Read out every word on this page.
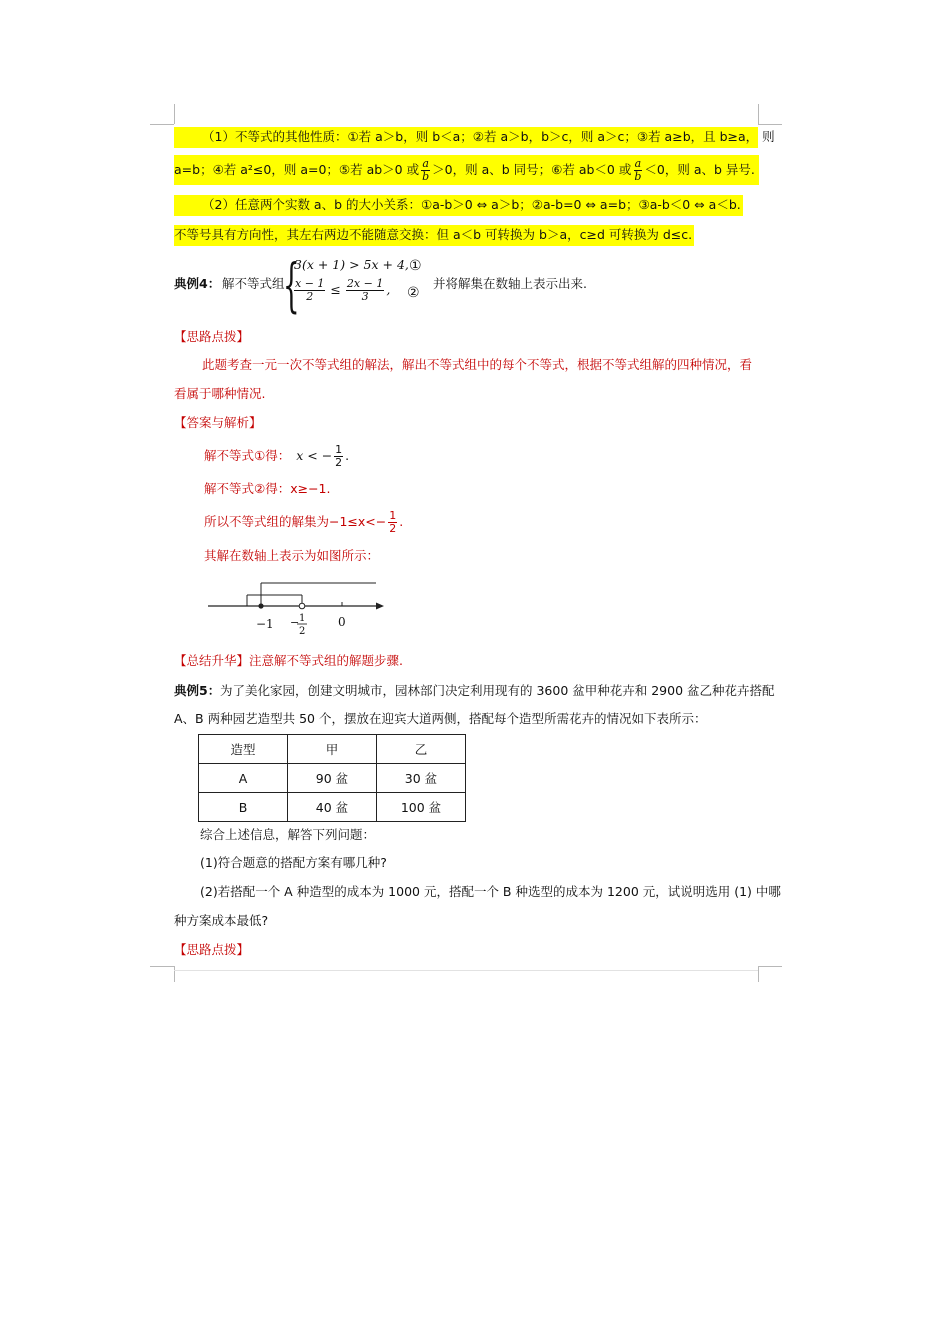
（1）不等式的其他性质：①若 a＞b，则 b＜a；②若 a＞b，b＞c，则 a＞c；③若 a≥b，且 b≥a， 则
a=b；④若 a²≤0，则 a=0；⑤若 ab＞0 或 $\frac{a}{b} >0$，则 a、b 同号；⑥若 ab＜0 或 $\frac{a}{b} <0$，则 a、b 异号.
（2）任意两个实数 a、b 的大小关系：①a-b＞0 ⇔ a＞b；②a-b=0 ⇔ a=b；③a-b＜0 ⇔ a＜b.
不等号具有方向性，其左右两边不能随意交换：但 a＜b 可转换为 b＞a，c≥d 可转换为 d≤c.
典例4： 解不等式组
{
3(x + 1) > 5x + 4, ①
$\frac{x - 1}{2} \le \frac{2x - 1}{3}$ , ②
并将解集在数轴上表示出来.
【思路点拨】
此题考查一元一次不等式组的解法，解出不等式组中的每个不等式，根据不等式组解的四种情况，看
看属于哪种情况.
【答案与解析】
解不等式①得： x < − $\frac{1}{2}$ .
解不等式②得：x≥−1.
所以不等式组的解集为$-1\le x<- \frac{1}{2}$ .
其解在数轴上表示为如图所示：
−1 − 1
2
0
【总结升华】注意解不等式组的解题步骤.
典例5： 为了美化家园，创建文明城市，园林部门决定利用现有的 3600 盆甲种花卉和 2900 盆乙种花卉搭配
A、B 两种园艺造型共 50 个，摆放在迎宾大道两侧，搭配每个造型所需花卉的情况如下表所示：
造型	甲	乙
A	90 盆	30 盆
B	40 盆	100 盆
综合上述信息，解答下列问题：
(1)符合题意的搭配方案有哪几种?
(2)若搭配一个 A 种造型的成本为 1000 元，搭配一个 B 种选型的成本为 1200 元，试说明选用 (1) 中哪
种方案成本最低?
【思路点拨】
